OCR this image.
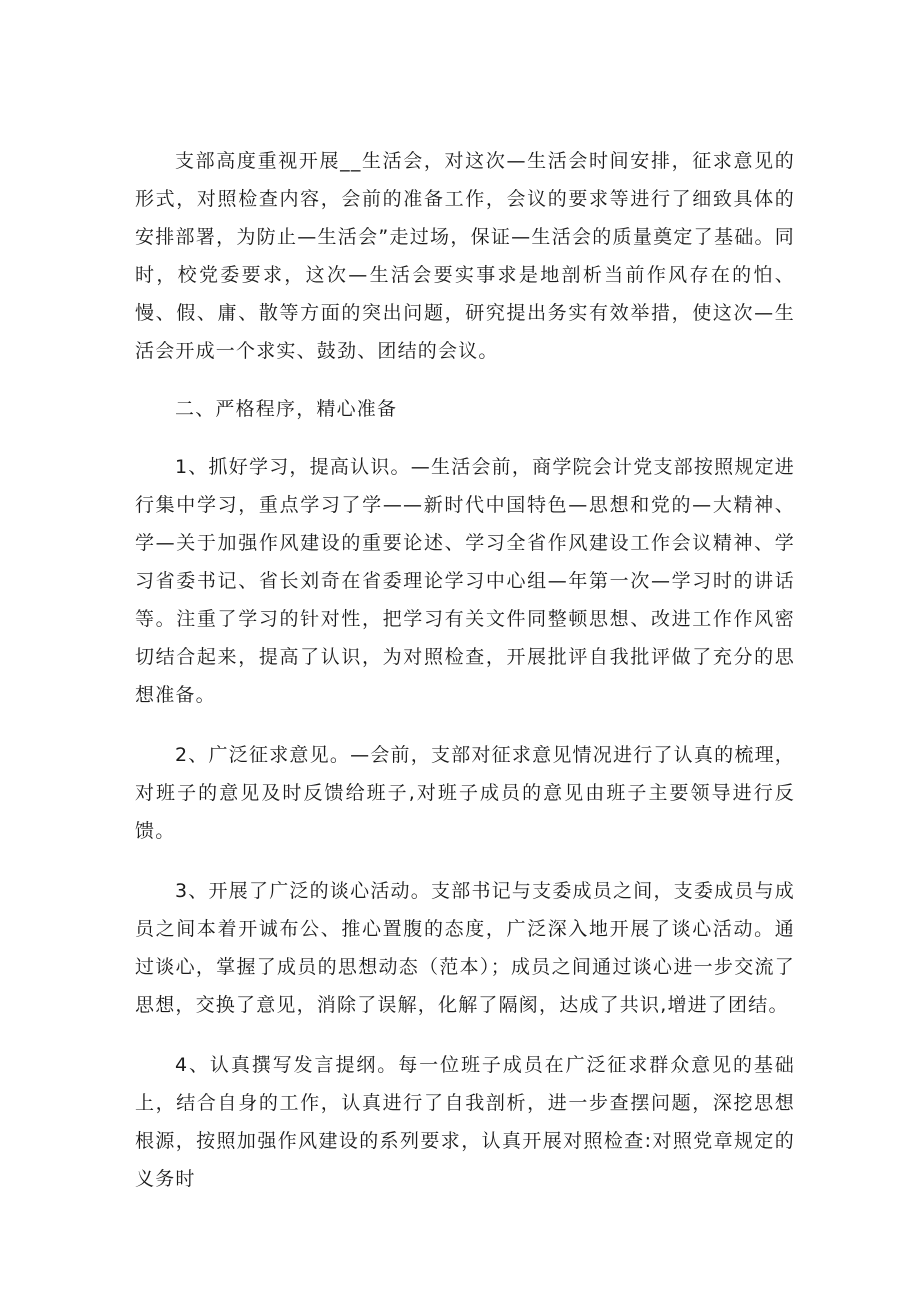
支部高度重视开展__生活会，对这次—生活会时间安排，征求意见的形式，对照检查内容，会前的准备工作，会议的要求等进行了细致具体的安排部署，为防止—生活会”走过场，保证—生活会的质量奠定了基础。同时，校党委要求，这次—生活会要实事求是地剖析当前作风存在的怕、慢、假、庸、散等方面的突出问题，研究提出务实有效举措，使这次—生活会开成一个求实、鼓劲、团结的会议。

二、严格程序，精心准备

1、抓好学习，提高认识。—生活会前，商学院会计党支部按照规定进行集中学习，重点学习了学——新时代中国特色—思想和党的—大精神、学—关于加强作风建设的重要论述、学习全省作风建设工作会议精神、学习省委书记、省长刘奇在省委理论学习中心组—年第一次—学习时的讲话等。注重了学习的针对性，把学习有关文件同整顿思想、改进工作作风密切结合起来，提高了认识，为对照检查，开展批评自我批评做了充分的思想准备。

2、广泛征求意见。—会前，支部对征求意见情况进行了认真的梳理，对班子的意见及时反馈给班子,对班子成员的意见由班子主要领导进行反馈。

3、开展了广泛的谈心活动。支部书记与支委成员之间，支委成员与成员之间本着开诚布公、推心置腹的态度，广泛深入地开展了谈心活动。通过谈心，掌握了成员的思想动态（范本）；成员之间通过谈心进一步交流了思想，交换了意见，消除了误解，化解了隔阂，达成了共识,增进了团结。

4、认真撰写发言提纲。每一位班子成员在广泛征求群众意见的基础上，结合自身的工作，认真进行了自我剖析，进一步查摆问题，深挖思想根源，按照加强作风建设的系列要求，认真开展对照检查:对照党章规定的义务时
